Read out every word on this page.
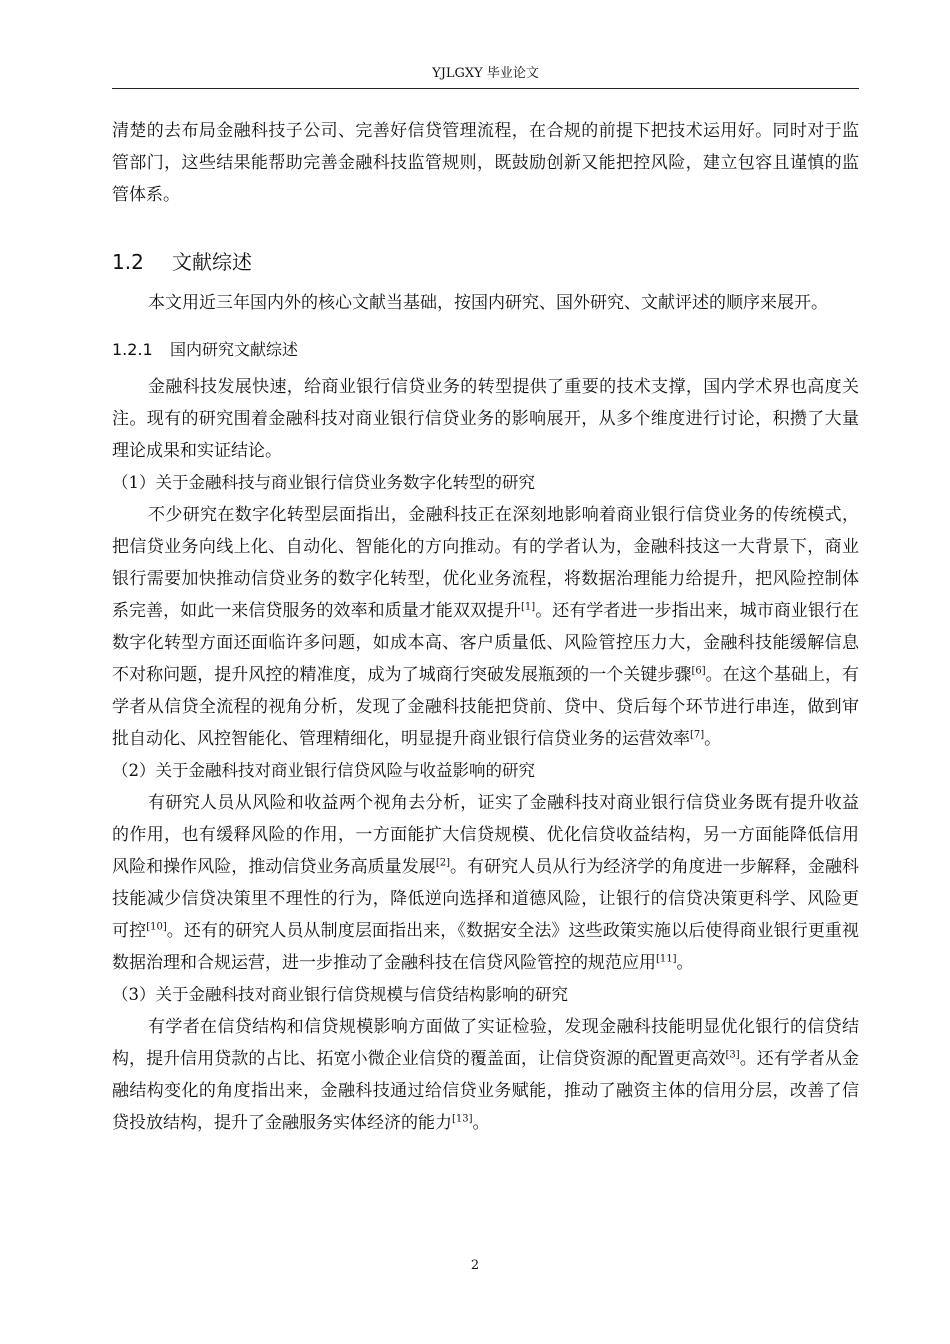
YJLGXY 毕业论文

清楚的去布局金融科技子公司、完善好信贷管理流程，在合规的前提下把技术运用好。同时对于监管部门，这些结果能帮助完善金融科技监管规则，既鼓励创新又能把控风险，建立包容且谨慎的监管体系。

1.2 文献综述

本文用近三年国内外的核心文献当基础，按国内研究、国外研究、文献评述的顺序来展开。

1.2.1 国内研究文献综述

金融科技发展快速，给商业银行信贷业务的转型提供了重要的技术支撑，国内学术界也高度关注。现有的研究围着金融科技对商业银行信贷业务的影响展开，从多个维度进行讨论，积攒了大量理论成果和实证结论。

（1）关于金融科技与商业银行信贷业务数字化转型的研究

不少研究在数字化转型层面指出，金融科技正在深刻地影响着商业银行信贷业务的传统模式，把信贷业务向线上化、自动化、智能化的方向推动。有的学者认为，金融科技这一大背景下，商业银行需要加快推动信贷业务的数字化转型，优化业务流程，将数据治理能力给提升，把风险控制体系完善，如此一来信贷服务的效率和质量才能双双提升[1]。还有学者进一步指出来，城市商业银行在数字化转型方面还面临许多问题，如成本高、客户质量低、风险管控压力大，金融科技能缓解信息不对称问题，提升风控的精准度，成为了城商行突破发展瓶颈的一个关键步骤[6]。在这个基础上，有学者从信贷全流程的视角分析，发现了金融科技能把贷前、贷中、贷后每个环节进行串连，做到审批自动化、风控智能化、管理精细化，明显提升商业银行信贷业务的运营效率[7]。

（2）关于金融科技对商业银行信贷风险与收益影响的研究

有研究人员从风险和收益两个视角去分析，证实了金融科技对商业银行信贷业务既有提升收益的作用，也有缓释风险的作用，一方面能扩大信贷规模、优化信贷收益结构，另一方面能降低信用风险和操作风险，推动信贷业务高质量发展[2]。有研究人员从行为经济学的角度进一步解释，金融科技能减少信贷决策里不理性的行为，降低逆向选择和道德风险，让银行的信贷决策更科学、风险更可控[10]。还有的研究人员从制度层面指出来，《数据安全法》这些政策实施以后使得商业银行更重视数据治理和合规运营，进一步推动了金融科技在信贷风险管控的规范应用[11]。

（3）关于金融科技对商业银行信贷规模与信贷结构影响的研究

有学者在信贷结构和信贷规模影响方面做了实证检验，发现金融科技能明显优化银行的信贷结构，提升信用贷款的占比、拓宽小微企业信贷的覆盖面，让信贷资源的配置更高效[3]。还有学者从金融结构变化的角度指出来，金融科技通过给信贷业务赋能，推动了融资主体的信用分层，改善了信贷投放结构，提升了金融服务实体经济的能力[13]。

2
